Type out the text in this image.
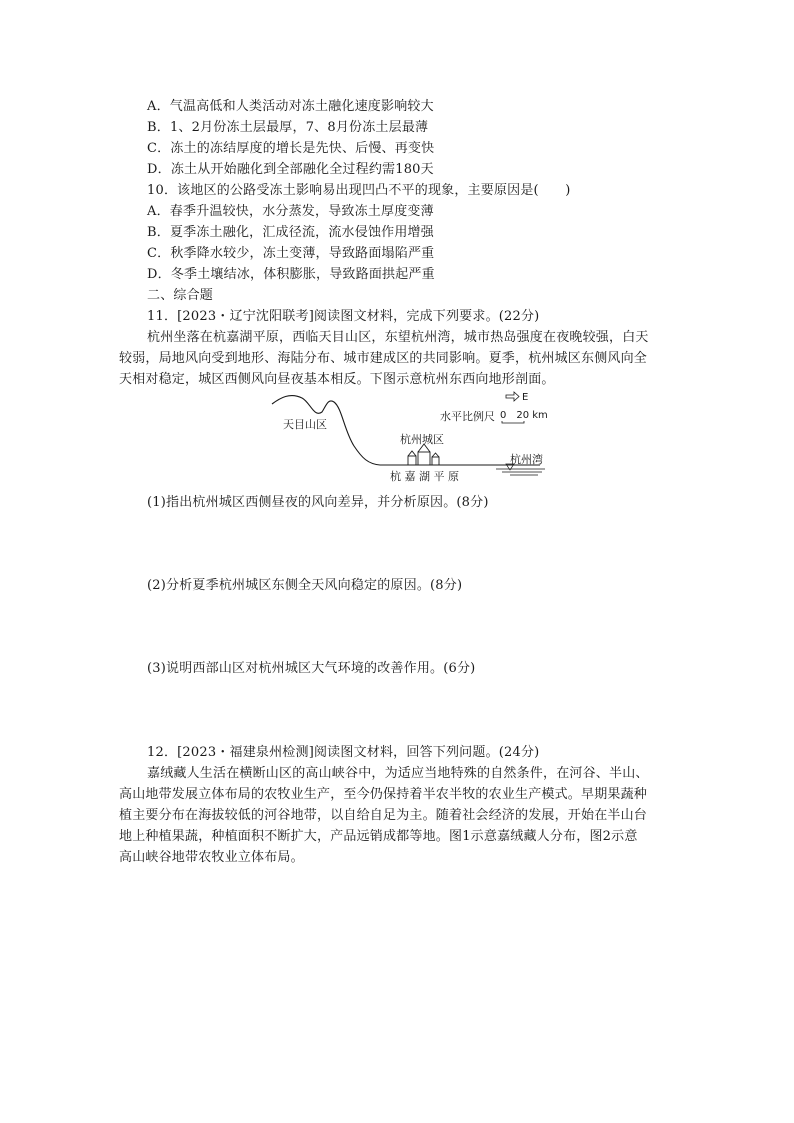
A．气温高低和人类活动对冻土融化速度影响较大
B．1、2月份冻土层最厚，7、8月份冻土层最薄
C．冻土的冻结厚度的增长是先快、后慢、再变快
D．冻土从开始融化到全部融化全过程约需180天
10．该地区的公路受冻土影响易出现凹凸不平的现象，主要原因是(　　)
A．春季升温较快，水分蒸发，导致冻土厚度变薄
B．夏季冻土融化，汇成径流，流水侵蚀作用增强
C．秋季降水较少，冻土变薄，导致路面塌陷严重
D．冬季土壤结冰，体积膨胀，导致路面拱起严重
二、综合题
11．[2023・辽宁沈阳联考]阅读图文材料，完成下列要求。(22分)
杭州坐落在杭嘉湖平原，西临天目山区，东望杭州湾，城市热岛强度在夜晚较强，白天
较弱，局地风向受到地形、海陆分布、城市建成区的共同影响。夏季，杭州城区东侧风向全
天相对稳定，城区西侧风向昼夜基本相反。下图示意杭州东西向地形剖面。
E
水平比例尺 0　20 km
天目山区
杭州城区
杭 嘉 湖 平 原
杭州湾
(1)指出杭州城区西侧昼夜的风向差异，并分析原因。(8分)
(2)分析夏季杭州城区东侧全天风向稳定的原因。(8分)
(3)说明西部山区对杭州城区大气环境的改善作用。(6分)
12．[2023・福建泉州检测]阅读图文材料，回答下列问题。(24分)
嘉绒藏人生活在横断山区的高山峡谷中，为适应当地特殊的自然条件，在河谷、半山、
高山地带发展立体布局的农牧业生产，至今仍保持着半农半牧的农业生产模式。早期果蔬种
植主要分布在海拔较低的河谷地带，以自给自足为主。随着社会经济的发展，开始在半山台
地上种植果蔬，种植面积不断扩大，产品远销成都等地。图1示意嘉绒藏人分布，图2示意
高山峡谷地带农牧业立体布局。
